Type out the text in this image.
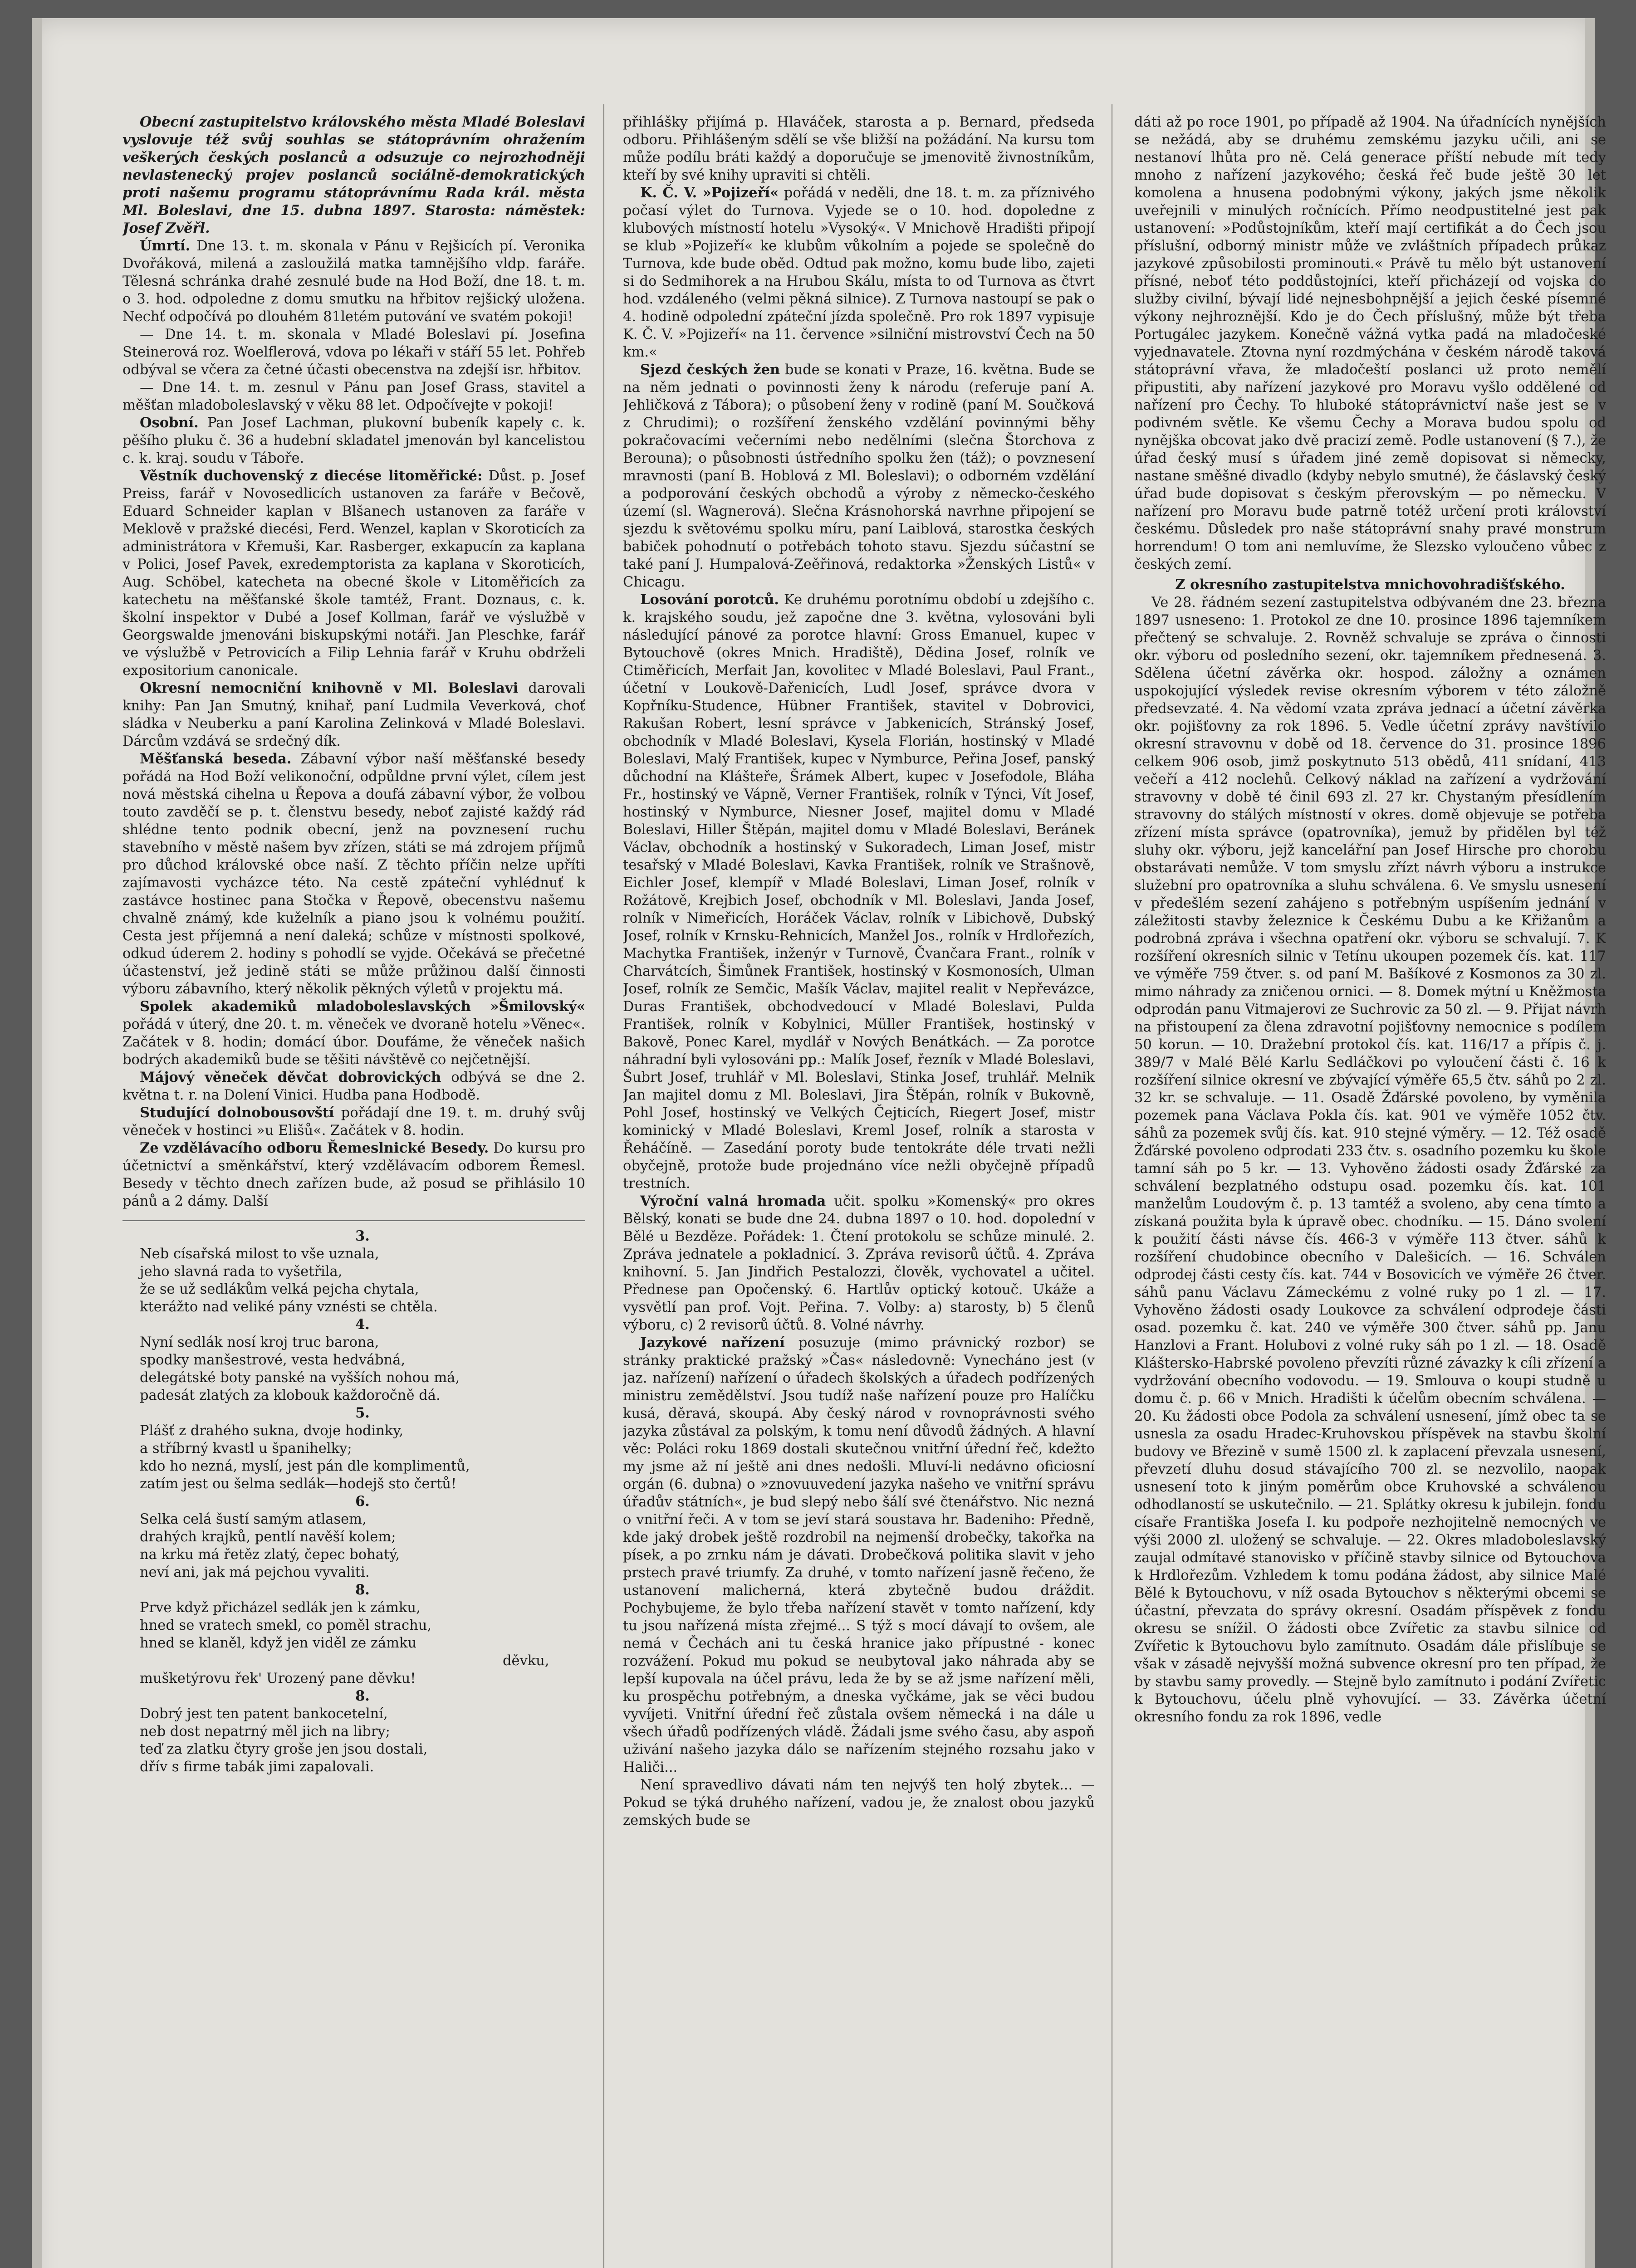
Obecní zastupitelstvo královského města Mladé Boleslavi vyslovuje též svůj souhlas se státoprávním ohražením veškerých českých poslanců a odsuzuje co nejrozhodněji nevlastenecký projev poslanců sociálně-demokratických proti našemu programu státoprávnímu Rada král. města Ml. Boleslavi, dne 15. dubna 1897. Starosta: náměstek: Josef Zvěřl.

Úmrtí. Dne 13. t. m. skonala v Pánu v Rejšicích pí. Veronika Dvořáková, milená a zasloužilá matka tamnějšího vldp. faráře. Tělesná schránka drahé zesnulé bude na Hod Boží, dne 18. t. m. o 3. hod. odpoledne z domu smutku na hřbitov rejšický uložena. Nechť odpočívá po dlouhém 81letém putování ve svatém pokoji!

— Dne 14. t. m. skonala v Mladé Boleslavi pí. Josefina Steinerová roz. Woelflerová, vdova po lékaři v stáří 55 let. Pohřeb odbýval se včera za četné účasti obecenstva na zdejší isr. hřbitov.

— Dne 14. t. m. zesnul v Pánu pan Josef Grass, stavitel a měšťan mladoboleslavský v věku 88 let. Odpočívejte v pokoji!

Osobní. Pan Josef Lachman, plukovní bubeník kapely c. k. pěšího pluku č. 36 a hudební skladatel jmenován byl kancelistou c. k. kraj. soudu v Táboře.

Věstník duchovenský z diecése litoměřické: Důst. p. Josef Preiss, farář v Novosedlicích ustanoven za faráře v Bečově, Eduard Schneider kaplan v Blšanech ustanoven za faráře v Meklově v pražské diecési, Ferd. Wenzel, kaplan v Skoroticích za administrátora v Křemuši, Kar. Rasberger, exkapucín za kaplana v Polici, Josef Pavek, exredemptorista za kaplana v Skoroticích, Aug. Schöbel, katecheta na obecné škole v Litoměřicích za katechetu na měšťanské škole tamtéž, Frant. Doznaus, c. k. školní inspektor v Dubé a Josef Kollman, farář ve výslužbě v Georgswalde jmenováni biskupskými notáři. Jan Pleschke, farář ve výslužbě v Petrovicích a Filip Lehnia farář v Kruhu obdrželi expositorium canonicale.

Okresní nemocniční knihovně v Ml. Boleslavi darovali knihy: Pan Jan Smutný, knihař, paní Ludmila Veverková, choť sládka v Neuberku a paní Karolina Zelinková v Mladé Boleslavi. Dárcům vzdává se srdečný dík.

Měšťanská beseda. Zábavní výbor naší měšťanské besedy pořádá na Hod Boží velikonoční, odpůldne první výlet, cílem jest nová městská cihelna u Řepova a doufá zábavní výbor, že volbou touto zavděčí se p. t. členstvu besedy, neboť zajisté každý rád shlédne tento podnik obecní, jenž na povznesení ruchu stavebního v městě našem byv zřízen, státi se má zdrojem příjmů pro důchod královské obce naší. Z těchto příčin nelze upříti zajímavosti vycházce této. Na cestě zpáteční vyhlédnuť k zastávce hostinec pana Stočka v Řepově, obecenstvu našemu chvalně známý, kde kuželník a piano jsou k volnému použití. Cesta jest příjemná a není daleká; schůze v místnosti spolkové, odkud úderem 2. hodiny s pohodlí se vyjde. Očekává se přečetné účastenství, jež jedině státi se může průžinou další činnosti výboru zábavního, který několik pěkných výletů v projektu má.

Spolek akademiků mladoboleslavských »Šmilovský« pořádá v úterý, dne 20. t. m. věneček ve dvoraně hotelu »Věnec«. Začátek v 8. hodin; domácí úbor. Doufáme, že věneček našich bodrých akademiků bude se těšiti návštěvě co nejčetnější.

Májový věneček děvčat dobrovických odbývá se dne 2. května t. r. na Dolení Vinici. Hudba pana Hodbodě.

Studující dolnobousovští pořádají dne 19. t. m. druhý svůj věneček v hostinci »u Elišů«. Začátek v 8. hodin.

Ze vzdělávacího odboru Řemeslnické Besedy. Do kursu pro účetnictví a směnkářství, který vzdělávacím odborem Řemesl. Besedy v těchto dnech zařízen bude, až posud se přihlásilo 10 pánů a 2 dámy. Další

3.

Neb císařská milost to vše uznala,

jeho slavná rada to vyšetřila,

že se už sedlákům velká pejcha chytala,

kterážto nad veliké pány vznésti se chtěla.

4.

Nyní sedlák nosí kroj truc barona,

spodky manšestrové, vesta hedvábná,

delegátské boty panské na vyšších nohou má,

padesát zlatých za klobouk každoročně dá.

5.

Plášť z drahého sukna, dvoje hodinky,

a stříbrný kvastl u španihelky;

kdo ho nezná, myslí, jest pán dle komplimentů,

zatím jest ou šelma sedlák—hodejš sto čertů!

6.

Selka celá šustí samým atlasem,

drahých krajků, pentlí navěší kolem;

na krku má řetěz zlatý, čepec bohatý,

neví ani, jak má pejchou vyvaliti.

8.

Prve když přicházel sedlák jen k zámku,

hned se vratech smekl, co poměl strachu,

hned se klaněl, když jen viděl ze zámku

děvku,

mušketýrovu řek' Urozený pane děvku!

8.

Dobrý jest ten patent bankocetelní,

neb dost nepatrný měl jich na libry;

teď za zlatku čtyry groše jen jsou dostali,

dřív s firme tabák jimi zapalovali.

přihlášky přijímá p. Hlaváček, starosta a p. Bernard, předseda odboru. Přihlášeným sdělí se vše bližší na požádání. Na kursu tom může podílu bráti každý a doporučuje se jmenovitě živnostníkům, kteří by své knihy upraviti si chtěli.

K. Č. V. »Pojizeří« pořádá v neděli, dne 18. t. m. za příznivého počasí výlet do Turnova. Vyjede se o 10. hod. dopoledne z klubových místností hotelu »Vysoký«. V Mnichově Hradišti připojí se klub »Pojizeří« ke klubům vůkolním a pojede se společně do Turnova, kde bude oběd. Odtud pak možno, komu bude libo, zajeti si do Sedmihorek a na Hrubou Skálu, místa to od Turnova as čtvrt hod. vzdáleného (velmi pěkná silnice). Z Turnova nastoupí se pak o 4. hodině odpolední zpáteční jízda společně. Pro rok 1897 vypisuje K. Č. V. »Pojizeří« na 11. července »silniční mistrovství Čech na 50 km.«

Sjezd českých žen bude se konati v Praze, 16. května. Bude se na něm jednati o povinnosti ženy k národu (referuje paní A. Jehličková z Tábora); o působení ženy v rodině (paní M. Součková z Chrudimi); o rozšíření ženského vzdělání povinnými běhy pokračovacími večerními nebo nedělními (slečna Štorchova z Berouna); o působnosti ústředního spolku žen (táž); o povznesení mravnosti (paní B. Hoblová z Ml. Boleslavi); o odborném vzdělání a podporování českých obchodů a výroby z německo-českého území (sl. Wagnerová). Slečna Krásnohorská navrhne připojení se sjezdu k světovému spolku míru, paní Laiblová, starostka českých babiček pohodnutí o potřebách tohoto stavu. Sjezdu súčastní se také paní J. Humpalová-Zeěřinová, redaktorka »Ženských Listů« v Chicagu.

Losování porotců. Ke druhému porotnímu období u zdejšího c. k. krajského soudu, jež započne dne 3. května, vylosováni byli následující pánové za porotce hlavní: Gross Emanuel, kupec v Bytouchově (okres Mnich. Hradiště), Dědina Josef, rolník ve Ctiměřicích, Merfait Jan, kovolitec v Mladé Boleslavi, Paul Frant., účetní v Loukově-Dařenicích, Ludl Josef, správce dvora v Kopřníku-Studence, Hübner František, stavitel v Dobrovici, Rakušan Robert, lesní správce v Jabkenicích, Stránský Josef, obchodník v Mladé Boleslavi, Kysela Florián, hostinský v Mladé Boleslavi, Malý František, kupec v Nymburce, Peřina Josef, panský důchodní na Klášteře, Šrámek Albert, kupec v Josefodole, Bláha Fr., hostinský ve Vápně, Verner František, rolník v Týnci, Vít Josef, hostinský v Nymburce, Niesner Josef, majitel domu v Mladé Boleslavi, Hiller Štěpán, majitel domu v Mladé Boleslavi, Beránek Václav, obchodník a hostinský v Sukoradech, Liman Josef, mistr tesařský v Mladé Boleslavi, Kavka František, rolník ve Strašnově, Eichler Josef, klempíř v Mladé Boleslavi, Liman Josef, rolník v Rožátově, Krejbich Josef, obchodník v Ml. Boleslavi, Janda Josef, rolník v Nimeřicích, Horáček Václav, rolník v Libichově, Dubský Josef, rolník v Krnsku-Rehnicích, Manžel Jos., rolník v Hrdlořezích, Machytka František, inženýr v Turnově, Čvančara Frant., rolník v Charvátcích, Šimůnek František, hostinský v Kosmonosích, Ulman Josef, rolník ze Semčic, Mašík Václav, majitel realit v Nepřevázce, Duras František, obchodvedoucí v Mladé Boleslavi, Pulda František, rolník v Kobylnici, Müller František, hostinský v Bakově, Ponec Karel, mydlář v Nových Benátkách. — Za porotce náhradní byli vylosováni pp.: Malík Josef, řezník v Mladé Boleslavi, Šubrt Josef, truhlář v Ml. Boleslavi, Stinka Josef, truhlář. Melnik Jan majitel domu z Ml. Boleslavi, Jira Štěpán, rolník v Bukovně, Pohl Josef, hostinský ve Velkých Čejticích, Riegert Josef, mistr kominický v Mladé Boleslavi, Kreml Josef, rolník a starosta v Řeháčíně. — Zasedání poroty bude tentokráte déle trvati nežli obyčejně, protože bude projednáno více nežli obyčejně případů trestních.

Výroční valná hromada učit. spolku »Komenský« pro okres Bělský, konati se bude dne 24. dubna 1897 o 10. hod. dopolední v Bělé u Bezděze. Pořádek: 1. Čtení protokolu se schůze minulé. 2. Zpráva jednatele a pokladnicí. 3. Zpráva revisorů účtů. 4. Zpráva knihovní. 5. Jan Jindřich Pestalozzi, člověk, vychovatel a učitel. Přednese pan Opočenský. 6. Hartlův optický kotouč. Ukáže a vysvětlí pan prof. Vojt. Peřina. 7. Volby: a) starosty, b) 5 členů výboru, c) 2 revisorů účtů. 8. Volné návrhy.

Jazykové nařízení posuzuje (mimo právnický rozbor) se stránky praktické pražský »Čas« následovně: Vynecháno jest (v jaz. nařízení) nařízení o úřadech školských a úřadech podřízených ministru zemědělství. Jsou tudíž naše nařízení pouze pro Halíčku kusá, děravá, skoupá. Aby český národ v rovnoprávnosti svého jazyka zůstával za polským, k tomu není důvodů žádných. A hlavní věc: Poláci roku 1869 dostali skutečnou vnitřní úřední řeč, kdežto my jsme až ní ještě ani dnes nedošli. Mluví-li nedávno oficiosní orgán (6. dubna) o »znovuuvedení jazyka našeho ve vnitřní správu úřadův státních«, je bud slepý nebo šálí své čtenářstvo. Nic nezná o vnitřní řeči. A v tom se jeví stará soustava hr. Badeniho: Předně, kde jaký drobek ještě rozdrobil na nejmenší drobečky, takořka na písek, a po zrnku nám je dávati. Drobečková politika slavit v jeho prstech pravé triumfy. Za druhé, v tomto nařízení jasně řečeno, že ustanovení malicherná, která zbytečně budou dráždit. Pochybujeme, že bylo třeba nařízení stavět v tomto nařízení, kdy tu jsou nařízená místa zřejmé... S týž s mocí dávají to ovšem, ale nemá v Čechách ani tu česká hranice jako přípustné - konec rozvážení. Pokud mu pokud se neubytoval jako náhrada aby se lepší kupovala na účel právu, leda že by se až jsme nařízení měli, ku prospěchu potřebným, a dneska vyčkáme, jak se věci budou vyvíjeti. Vnitřní úřední řeč zůstala ovšem německá i na dále u všech úřadů podřízených vládě. Žádali jsme svého času, aby aspoň uživání našeho jazyka dálo se nařízením stejného rozsahu jako v Haliči...

Není spravedlivo dávati nám ten nejvýš ten holý zbytek... — Pokud se týká druhého nařízení, vadou je, že znalost obou jazyků zemských bude se

dáti až po roce 1901, po případě až 1904. Na úřadnících nynějších se nežádá, aby se druhému zemskému jazyku učili, ani se nestanoví lhůta pro ně. Celá generace příští nebude mít tedy mnoho z nařízení jazykového; česká řeč bude ještě 30 let komolena a hnusena podobnými výkony, jakých jsme několik uveřejnili v minulých ročnících. Přímo neodpustitelné jest pak ustanovení: »Podůstojníkům, kteří mají certifikát a do Čech jsou příslušní, odborný ministr může ve zvláštních případech průkaz jazykové způsobilosti prominouti.« Právě tu mělo být ustanovení přísné, neboť této poddůstojníci, kteří přicházejí od vojska do služby civilní, bývají lidé nejnesbohpnější a jejich české písemné výkony nejhroznější. Kdo je do Čech příslušný, může být třeba Portugálec jazykem. Konečně vážná vytka padá na mladočeské vyjednavatele. Ztovna nyní rozdmýchána v českém národě taková státoprávní vřava, že mladočeští poslanci už proto nemělí připustiti, aby nařízení jazykové pro Moravu vyšlo oddělené od nařízení pro Čechy. To hluboké státoprávnictví naše jest se v podivném světle. Ke všemu Čechy a Morava budou spolu od nynějška obcovat jako dvě pracizí země. Podle ustanovení (§ 7.), že úřad český musí s úřadem jiné země dopisovat si německy, nastane směšné divadlo (kdyby nebylo smutné), že čáslavský český úřad bude dopisovat s českým přerovským — po německu. V nařízení pro Moravu bude patrně totéž určení proti království českému. Důsledek pro naše státoprávní snahy pravé monstrum horrendum! O tom ani nemluvíme, že Slezsko vyloučeno vůbec z českých zemí.

Z okresního zastupitelstva mnichovohradišťského.

Ve 28. řádném sezení zastupitelstva odbývaném dne 23. března 1897 usneseno: 1. Protokol ze dne 10. prosince 1896 tajemníkem přečtený se schvaluje. 2. Rovněž schvaluje se zpráva o činnosti okr. výboru od posledního sezení, okr. tajemníkem přednesená. 3. Sdělena účetní závěrka okr. hospod. záložny a oznámen uspokojující výsledek revise okresním výborem v této záložně předsevzaté. 4. Na vědomí vzata zpráva jednací a účetní závěrka okr. pojišťovny za rok 1896. 5. Vedle účetní zprávy navštívilo okresní stravovnu v době od 18. července do 31. prosince 1896 celkem 906 osob, jimž poskytnuto 513 obědů, 411 snídaní, 413 večeří a 412 noclehů. Celkový náklad na zařízení a vydržování stravovny v době té činil 693 zl. 27 kr. Chystaným přesídlením stravovny do stálých místností v okres. domě objevuje se potřeba zřízení místa správce (opatrovníka), jemuž by přidělen byl též sluhy okr. výboru, jejž kancelářní pan Josef Hirsche pro chorobu obstarávati nemůže. V tom smyslu zřízt návrh výboru a instrukce služební pro opatrovníka a sluhu schválena. 6. Ve smyslu usnesení v předešlém sezení zahájeno s potřebným uspíšením jednání v záležitosti stavby železnice k Českému Dubu a ke Křižanům a podrobná zpráva i všechna opatření okr. výboru se schvalují. 7. K rozšíření okresních silnic v Tetínu ukoupen pozemek čís. kat. 117 ve výměře 759 čtver. s. od paní M. Bašíkové z Kosmonos za 30 zl. mimo náhrady za zničenou ornici. — 8. Domek mýtní u Kněžmosta odprodán panu Vitmajerovi ze Suchrovic za 50 zl. — 9. Přijat návrh na přistoupení za člena zdravotní pojišťovny nemocnice s podílem 50 korun. — 10. Dražební protokol čís. kat. 116/17 a přípis č. j. 389/7 v Malé Bělé Karlu Sedláčkovi po vyloučení části č. 16 k rozšíření silnice okresní ve zbývající výměře 65,5 čtv. sáhů po 2 zl. 32 kr. se schvaluje. — 11. Osadě Žďárské povoleno, by vyměnila pozemek pana Václava Pokla čís. kat. 901 ve výměře 1052 čtv. sáhů za pozemek svůj čís. kat. 910 stejné výměry. — 12. Též osadě Žďárské povoleno odprodati 233 čtv. s. osadního pozemku ku škole tamní sáh po 5 kr. — 13. Vyhověno žádosti osady Žďárské za schválení bezplatného odstupu osad. pozemku čís. kat. 101 manželům Loudovým č. p. 13 tamtéž a svoleno, aby cena tímto a získaná použita byla k úpravě obec. chodníku. — 15. Dáno svolení k použití části návse čís. 466-3 v výměře 113 čtver. sáhů k rozšíření chudobince obecního v Dalešicích. — 16. Schválen odprodej části cesty čís. kat. 744 v Bosovicích ve výměře 26 čtver. sáhů panu Václavu Zámeckému z volné ruky po 1 zl. — 17. Vyhověno žádosti osady Loukovce za schválení odprodeje části osad. pozemku č. kat. 240 ve výměře 300 čtver. sáhů pp. Janu Hanzlovi a Frant. Holubovi z volné ruky sáh po 1 zl. — 18. Osadě Kláštersko-Habrské povoleno převzíti různé závazky k cíli zřízení a vydržování obecního vodovodu. — 19. Smlouva o koupi studně u domu č. p. 66 v Mnich. Hradišti k účelům obecním schválena. — 20. Ku žádosti obce Podola za schválení usnesení, jímž obec ta se usnesla za osadu Hradec-Kruhovskou příspěvek na stavbu školní budovy ve Březině v sumě 1500 zl. k zaplacení převzala usnesení, převzetí dluhu dosud stávajícího 700 zl. se nezvolilo, naopak usnesení toto k jiným poměrům obce Kruhovské a schválenou odhodlaností se uskutečnilo. — 21. Splátky okresu k jubilejn. fondu císaře Františka Josefa I. ku podpoře nezhojitelně nemocných ve výši 2000 zl. uložený se schvaluje. — 22. Okres mladoboleslavský zaujal odmítavé stanovisko v příčině stavby silnice od Bytouchova k Hrdlořezům. Vzhledem k tomu podána žádost, aby silnice Malé Bělé k Bytouchovu, v níž osada Bytouchov s některými obcemi se účastní, převzata do správy okresní. Osadám příspěvek z fondu okresu se snížil. O žádosti obce Zvířetic za stavbu silnice od Zvířetic k Bytouchovu bylo zamítnuto. Osadám dále přislíbuje se však v zásadě nejvyšší možná subvence okresní pro ten případ, že by stavbu samy provedly. — Stejně bylo zamítnuto i podání Zvířetic k Bytouchovu, účelu plně vyhovující. — 33. Závěrka účetní okresního fondu za rok 1896, vedle
